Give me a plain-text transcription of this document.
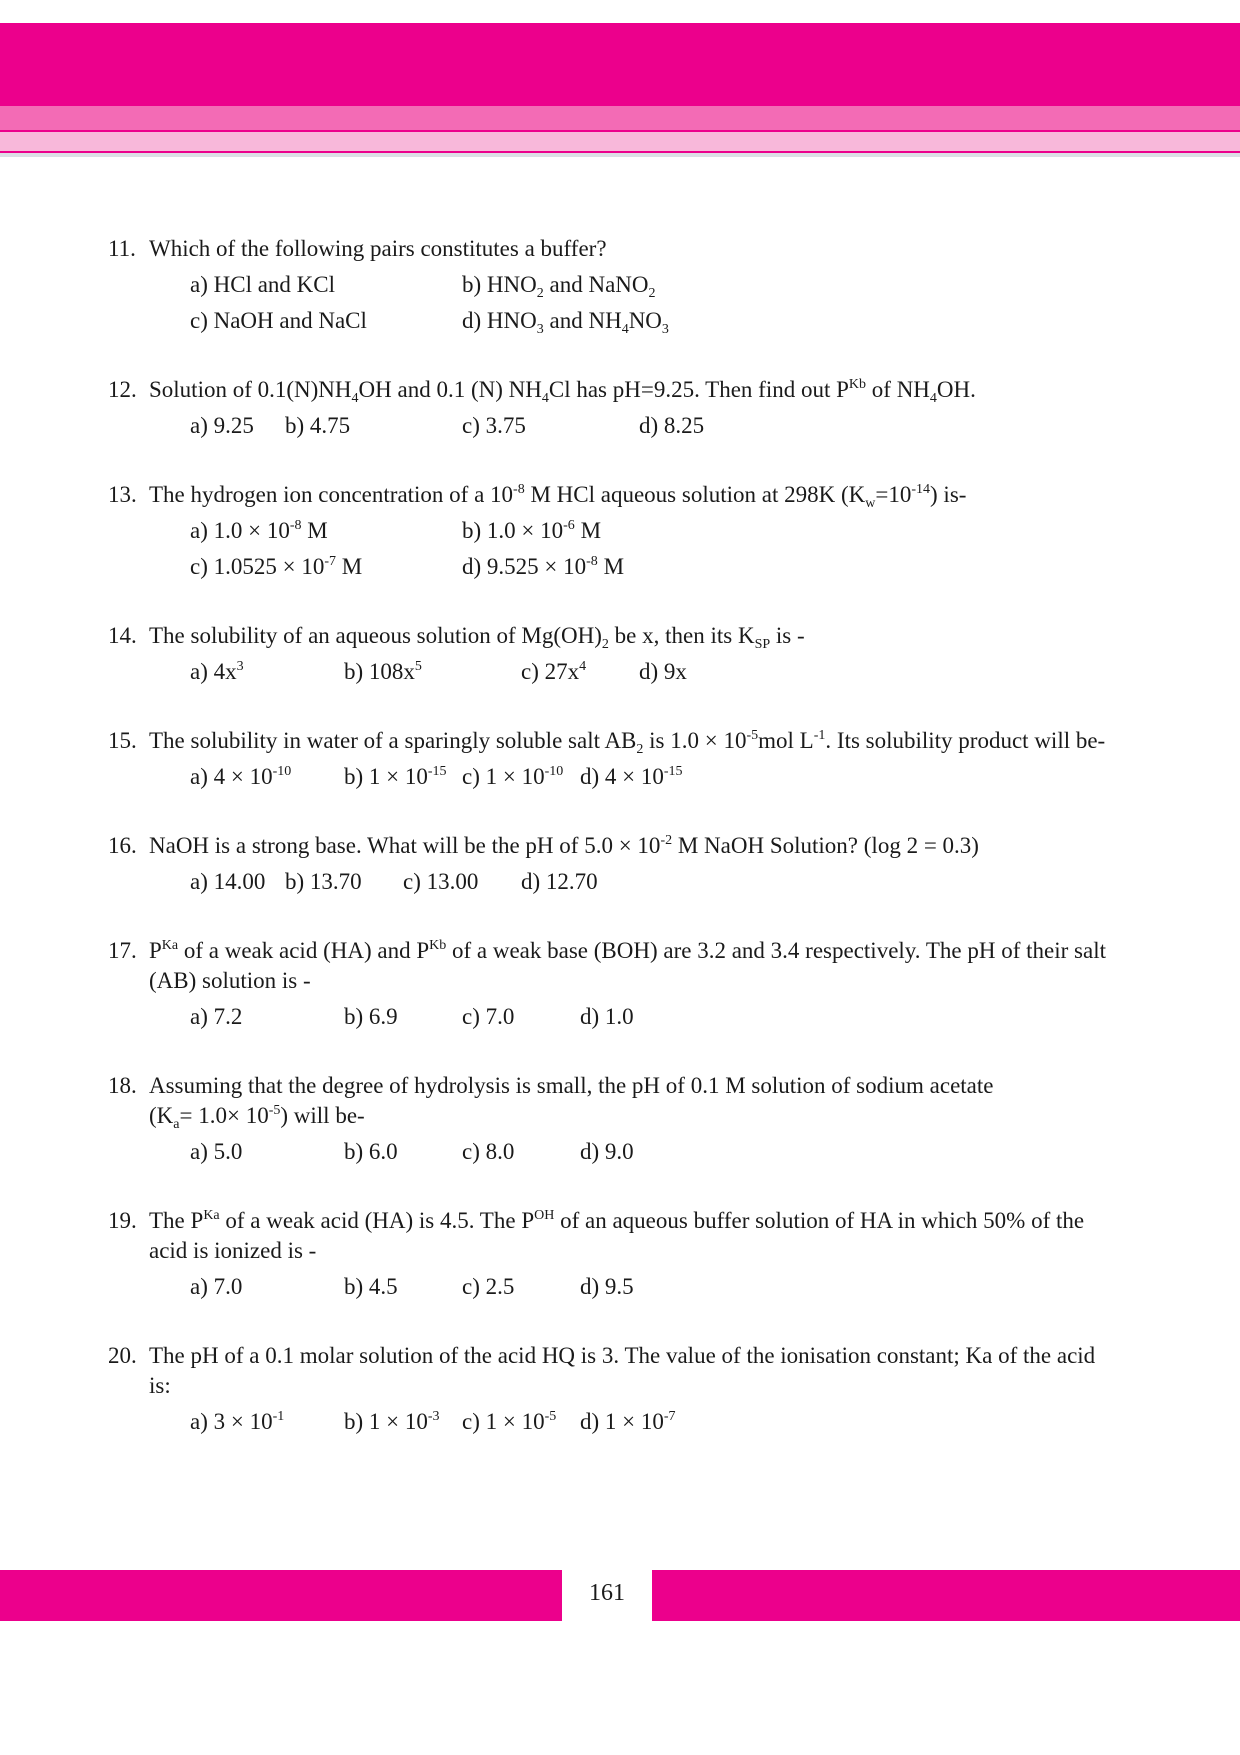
11. Which of the following pairs constitutes a buffer?
a) HCl and KCl	b) $HNO_2$ and NaNO$_2$
c) NaOH and NaCl	d) $HNO_3$ and $NH_4NO_3$
12. Solution of $0.1(N)NH_4OH$ and 0.1 (N) $NH_4Cl$ has pH=9.25. Then find out $P^{Kb}$ of $NH_4OH$.
a) 9.25	b) 4.75	c) 3.75	d) 8.25
13. The hydrogen ion concentration of a $10^{-8}$ M HCl aqueous solution at 298K $(K_w=10^{-14})$ is-
a) $1.0 \times 10^{-8}$ M	b) $1.0 \times 10^{-6}$ M
c) $1.0525 \times 10^{-7}$ M	d) $9.525 \times 10^{-8}$ M
14. The solubility of an aqueous solution of $Mg(OH)_2$ be x, then its $K_{SP}$ is -
a) $4x^3$	b) $108x^5$	c) $27x^4$	d) 9x
15. The solubility in water of a sparingly soluble salt $AB_2$ is $1.0 \times 10^{-5}mol$ $L^{-1}$. Its solubility product will be-
a) $4 \times 10^{-10}$	b) $1 \times 10^{-15}$ c) $1 \times 10^{-10}$ d) $4 \times 10^{-15}$
16. NaOH is a strong base. What will be the pH of $5.0 \times 10^{-2}$ M NaOH Solution? (log 2 = 0.3)
a) 14.00 b) 13.70	c) 13.00	d) 12.70
17. $P^{Ka}$ of a weak acid (HA) and $P^{Kb}$ of a weak base (BOH) are 3.2 and 3.4 respectively. The pH of their salt (AB) solution is -
a) 7.2	b) 6.9	c) 7.0	d) 1.0
18. Assuming that the degree of hydrolysis is small, the pH of 0.1 M solution of sodium acetate
$(K_a= 1.0\times 10^{-5})$ will be-
a) 5.0	b) 6.0	c) 8.0	d) 9.0
19. The $P^{Ka}$ of a weak acid (HA) is 4.5. The $P^{OH}$ of an aqueous buffer solution of HA in which 50% of the acid is ionized is -
a) 7.0	b) 4.5	c) 2.5	d) 9.5
20. The pH of a 0.1 molar solution of the acid HQ is 3. The value of the ionisation constant; Ka of the acid is:
a) $3 \times 10^{-1}$	b) $1 \times 10^{-3}$ c) $1 \times 10^{-5}$	d) $1 \times 10^{-7}$
161
